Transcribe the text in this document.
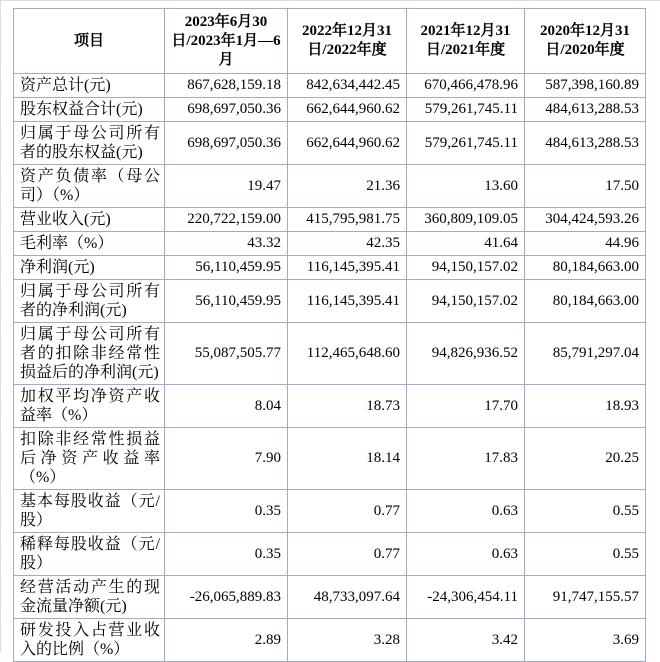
项目	2023年6月30日/2023年1月—6月	2022年12月31日/2022年度	2021年12月31日/2021年度	2020年12月31日/2020年度
资产总计(元)	867,628,159.18	842,634,442.45	670,466,478.96	587,398,160.89
股东权益合计(元)	698,697,050.36	662,644,960.62	579,261,745.11	484,613,288.53
归属于母公司所有者的股东权益(元)	698,697,050.36	662,644,960.62	579,261,745.11	484,613,288.53
资产负债率（母公司）（%）	19.47	21.36	13.60	17.50
营业收入(元)	220,722,159.00	415,795,981.75	360,809,109.05	304,424,593.26
毛利率（%）	43.32	42.35	41.64	44.96
净利润(元)	56,110,459.95	116,145,395.41	94,150,157.02	80,184,663.00
归属于母公司所有者的净利润(元)	56,110,459.95	116,145,395.41	94,150,157.02	80,184,663.00
归属于母公司所有者的扣除非经常性损益后的净利润(元)	55,087,505.77	112,465,648.60	94,826,936.52	85,791,297.04
加权平均净资产收益率（%）	8.04	18.73	17.70	18.93
扣除非经常性损益后净资产收益率（%）	7.90	18.14	17.83	20.25
基本每股收益（元/股）	0.35	0.77	0.63	0.55
稀释每股收益（元/股）	0.35	0.77	0.63	0.55
经营活动产生的现金流量净额(元)	-26,065,889.83	48,733,097.64	-24,306,454.11	91,747,155.57
研发投入占营业收入的比例（%）	2.89	3.28	3.42	3.69
